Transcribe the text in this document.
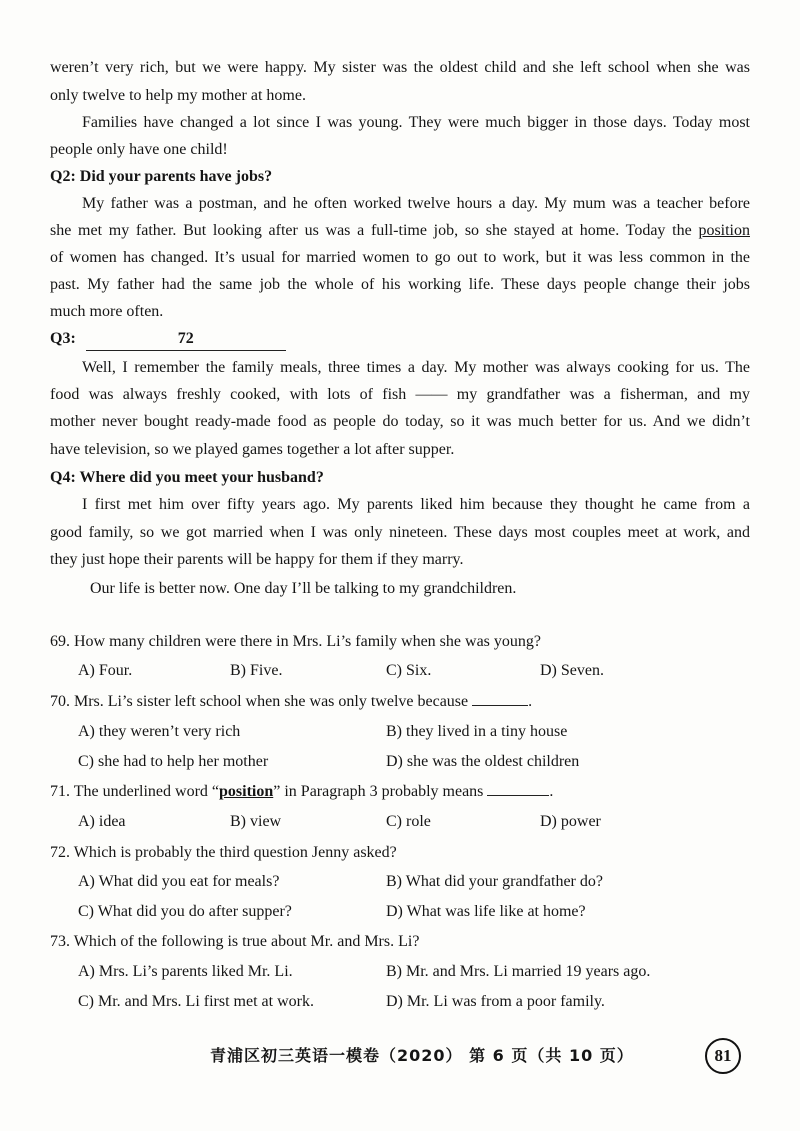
weren’t very rich, but we were happy. My sister was the oldest child and she left school when she was
only twelve to help my mother at home.
Families have changed a lot since I was young. They were much bigger in those days. Today most
people only have one child!
Q2: Did your parents have jobs?
My father was a postman, and he often worked twelve hours a day. My mum was a teacher before
she met my father. But looking after us was a full-time job, so she stayed at home. Today the position
of women has changed. It’s usual for married women to go out to work, but it was less common in the
past. My father had the same job the whole of his working life. These days people change their jobs
much more often.
Q3:	72
Well, I remember the family meals, three times a day. My mother was always cooking for us. The
food was always freshly cooked, with lots of fish ―― my grandfather was a fisherman, and my
mother never bought ready-made food as people do today, so it was much better for us. And we didn’t
have television, so we played games together a lot after supper.
Q4: Where did you meet your husband?
I first met him over fifty years ago. My parents liked him because they thought he came from a
good family, so we got married when I was only nineteen. These days most couples meet at work, and
they just hope their parents will be happy for them if they marry.
Our life is better now. One day I’ll be talking to my grandchildren.
69. How many children were there in Mrs. Li’s family when she was young?
A) Four.	B) Five.	C) Six.	D) Seven.
70. Mrs. Li’s sister left school when she was only twelve because	.
A) they weren’t very rich	B) they lived in a tiny house
C) she had to help her mother	D) she was the oldest children
71. The underlined word “position” in Paragraph 3 probably means	.
A) idea	B) view	C) role	D) power
72. Which is probably the third question Jenny asked?
A) What did you eat for meals?	B) What did your grandfather do?
C) What did you do after supper?	D) What was life like at home?
73. Which of the following is true about Mr. and Mrs. Li?
A) Mrs. Li’s parents liked Mr. Li.	B) Mr. and Mrs. Li married 19 years ago.
C) Mr. and Mrs. Li first met at work.	D) Mr. Li was from a poor family.
青浦区初三英语一模卷（2020） 第 6 页（共 10 页）	81
